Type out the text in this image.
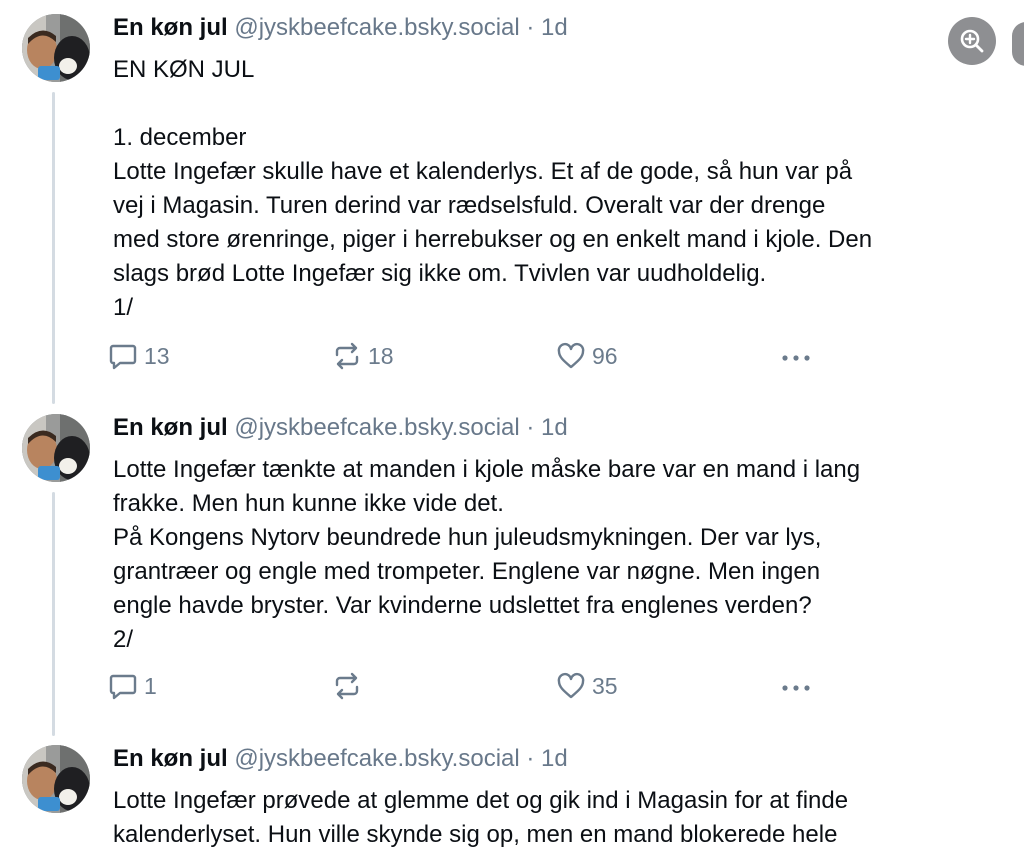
En køn jul @jyskbeefcake.bsky.social · 1d

EN KØN JUL

1. december

Lotte Ingefær skulle have et kalenderlys. Et af de gode, så hun var på

vej i Magasin. Turen derind var rædselsfuld. Overalt var der drenge

med store ørenringe, piger i herrebukser og en enkelt mand i kjole. Den

slags brød Lotte Ingefær sig ikke om. Tvivlen var uudholdelig.

1/

13	18	96
En køn jul @jyskbeefcake.bsky.social · 1d

Lotte Ingefær tænkte at manden i kjole måske bare var en mand i lang

frakke. Men hun kunne ikke vide det.

På Kongens Nytorv beundrede hun juleudsmykningen. Der var lys,

grantræer og engle med trompeter. Englene var nøgne. Men ingen

engle havde bryster. Var kvinderne udslettet fra englenes verden?

2/

1	35
En køn jul @jyskbeefcake.bsky.social · 1d

Lotte Ingefær prøvede at glemme det og gik ind i Magasin for at finde

kalenderlyset. Hun ville skynde sig op, men en mand blokerede hele
